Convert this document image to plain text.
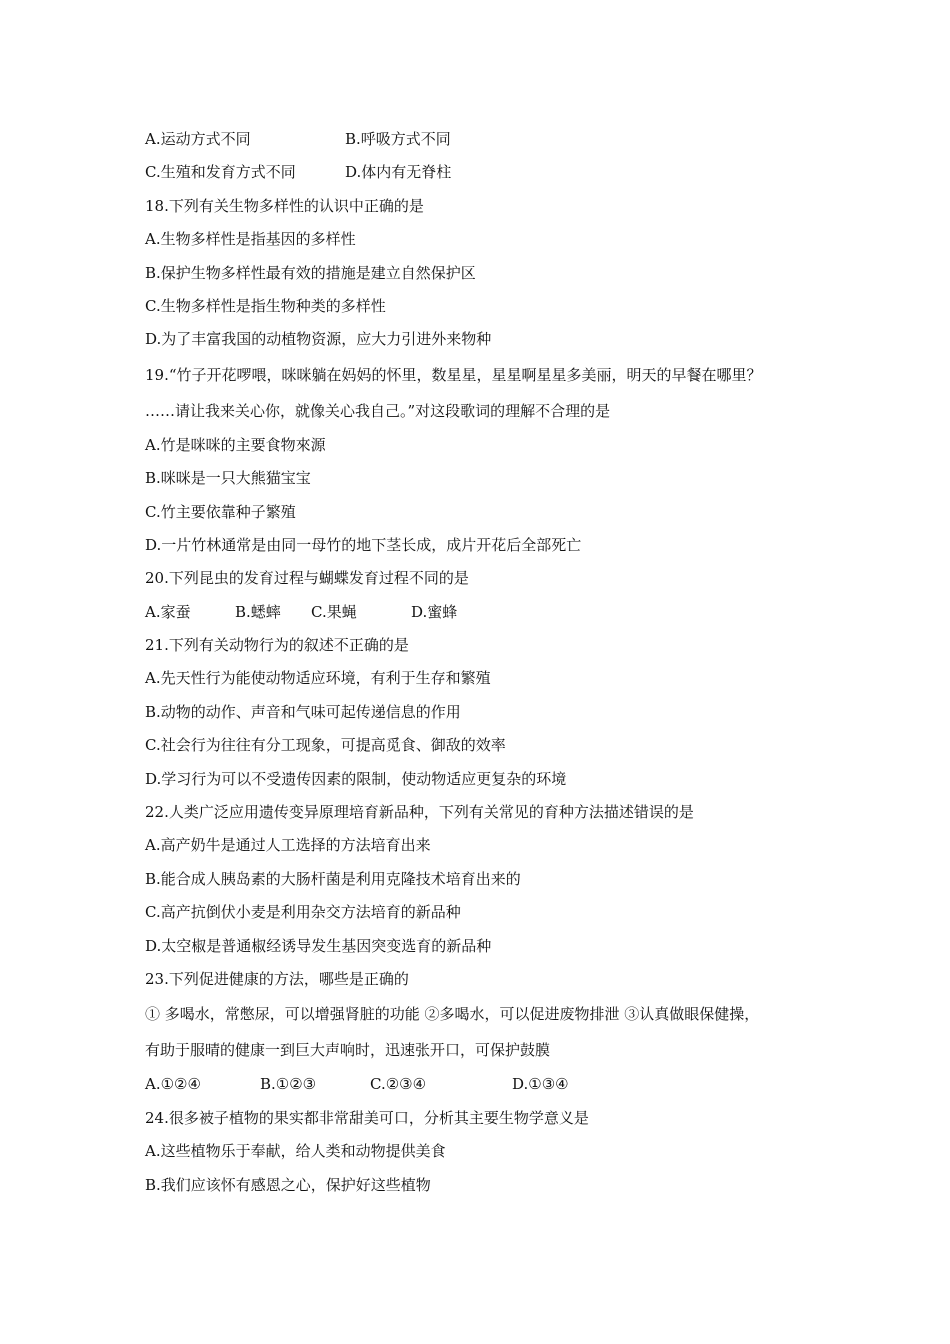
A.运动方式不同	B.呼吸方式不同
C.生殖和发育方式不同	D.体内有无脊柱
18.下列有关生物多样性的认识中正确的是
A.生物多样性是指基因的多样性
B.保护生物多样性最有效的措施是建立自然保护区
C.生物多样性是指生物种类的多样性
D.为了丰富我国的动植物资源，应大力引进外来物种
19.“竹子开花啰喂，咪咪躺在妈妈的怀里，数星星，星星啊星星多美丽，明天的早餐在哪里？
……请让我来关心你，就像关心我自己。”对这段歌词的理解不合理的是
A.竹是咪咪的主要食物來源
B.咪咪是一只大熊猫宝宝
C.竹主要依靠种子繁殖
D.一片竹林通常是由同一母竹的地下茎长成，成片开花后全部死亡
20.下列昆虫的发育过程与蝴蝶发育过程不同的是
A.家蚕	B.蟋蟀 C.果蝇	D.蜜蜂
21.下列有关动物行为的叙述不正确的是
A.先天性行为能使动物适应环境，有利于生存和繁殖
B.动物的动作、声音和气味可起传递信息的作用
C.社会行为往往有分工现象，可提高觅食、御敌的效率
D.学习行为可以不受遗传因素的限制，使动物适应更复杂的环境
22.人类广泛应用遗传变异原理培育新品种，下列有关常见的育种方法描述错误的是
A.高产奶牛是通过人工选择的方法培育出来
B.能合成人胰岛素的大肠杆菌是利用克隆技术培育出来的
C.高产抗倒伏小麦是利用杂交方法培育的新品种
D.太空椒是普通椒经诱导发生基因突变选育的新品种
23.下列促进健康的方法，哪些是正确的
① 多喝水，常憋尿，可以增强肾脏的功能 ②多喝水，可以促进废物排泄 ③认真做眼保健操，
有助于服晴的健康一到巨大声响时，迅速张开口，可保护鼓膜
A.①②④	B.①②③	C.②③④	D.①③④
24.很多被子植物的果实都非常甜美可口，分析其主要生物学意义是
A.这些植物乐于奉献，给人类和动物提供美食
B.我们应该怀有感恩之心，保护好这些植物
